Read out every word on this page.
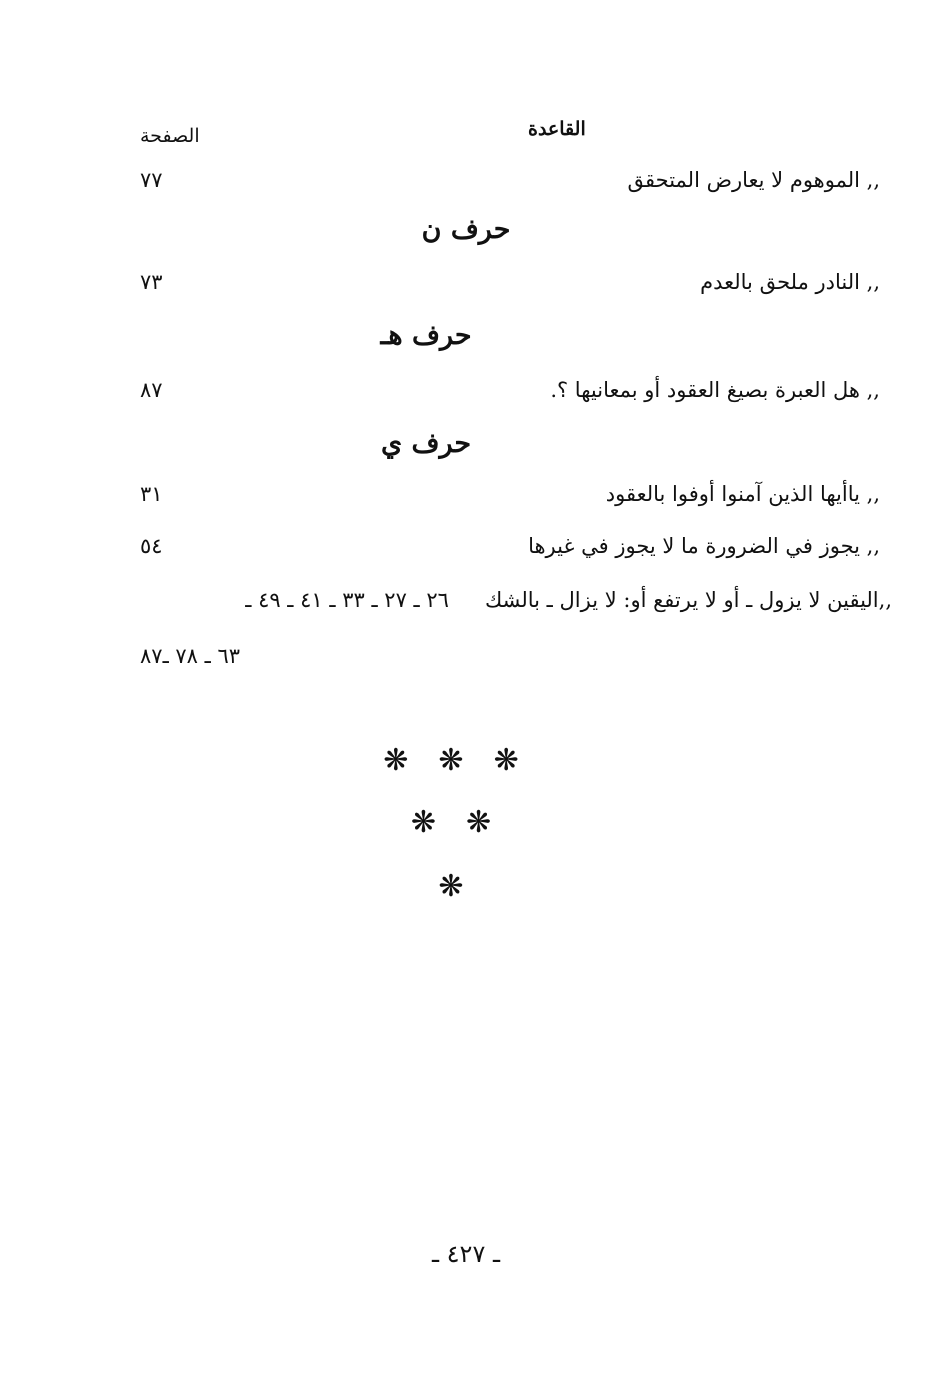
القاعدة
الصفحة
,, الموهوم لا يعارض المتحقق
٧٧
حرف ن
,, النادر ملحق بالعدم
٧٣
حرف هـ
,, هل العبرة بصيغ العقود أو بمعانيها ؟.
٨٧
حرف ي
,, ياأيها الذين آمنوا أوفوا بالعقود
٣١
,, يجوز في الضرورة ما لا يجوز في غيرها
٥٤
,,اليقين لا يزول ـ أو لا يرتفع أو: لا يزال ـ بالشك٢٦ ـ ٢٧ ـ ٣٣ ـ ٤١ ـ ٤٩ ـ
٦٣ ـ ٧٨ ـ٨٧
❋❋❋
❋❋
❋
ـ ٤٢٧ ـ
